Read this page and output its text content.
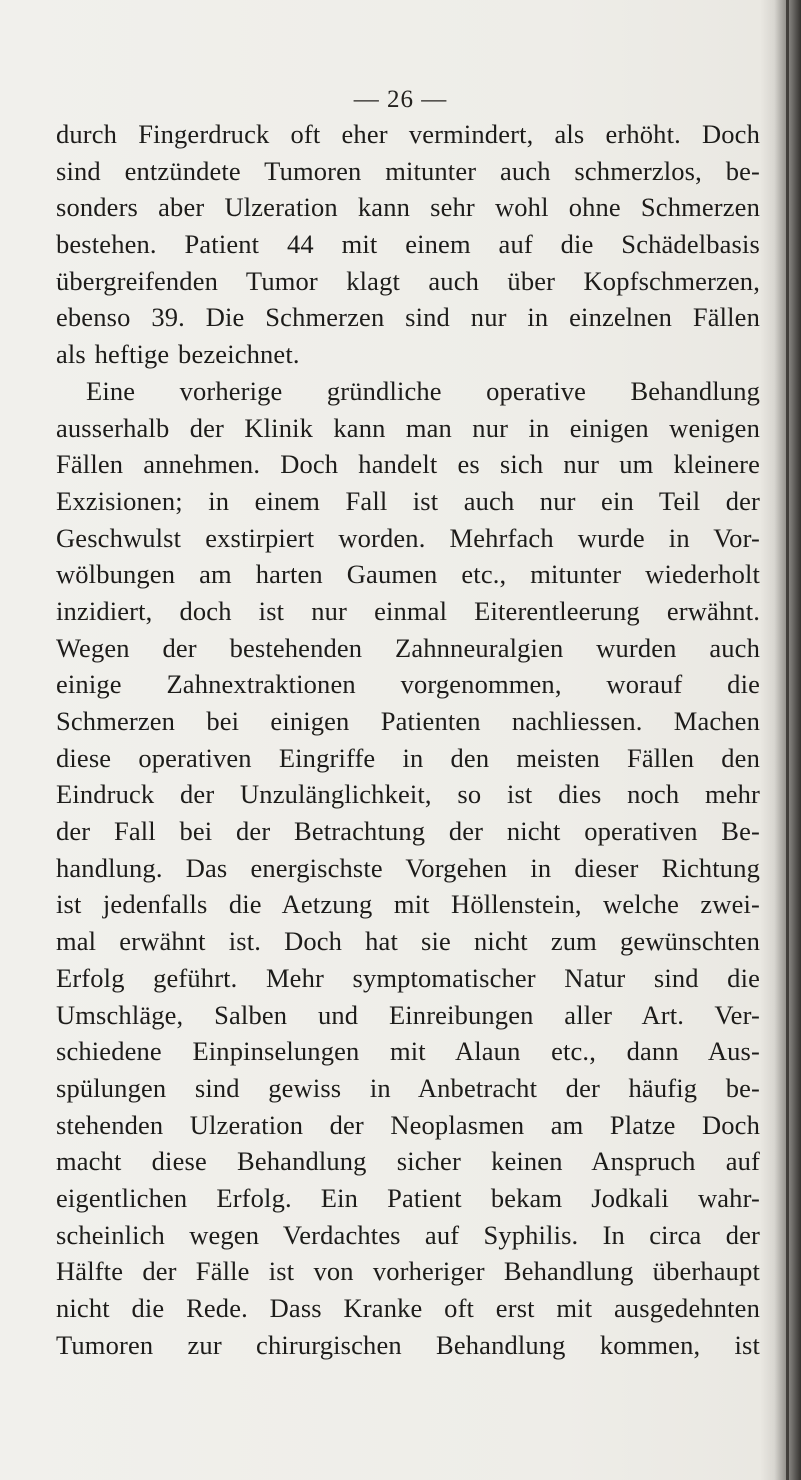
— 26 —
durch Fingerdruck oft eher vermindert, als erhöht. Doch
sind entzündete Tumoren mitunter auch schmerzlos, be-
sonders aber Ulzeration kann sehr wohl ohne Schmerzen
bestehen. Patient 44 mit einem auf die Schädelbasis
übergreifenden Tumor klagt auch über Kopfschmerzen,
ebenso 39. Die Schmerzen sind nur in einzelnen Fällen
als heftige bezeichnet.
Eine vorherige gründliche operative Behandlung
ausserhalb der Klinik kann man nur in einigen wenigen
Fällen annehmen. Doch handelt es sich nur um kleinere
Exzisionen; in einem Fall ist auch nur ein Teil der
Geschwulst exstirpiert worden. Mehrfach wurde in Vor-
wölbungen am harten Gaumen etc., mitunter wiederholt
inzidiert, doch ist nur einmal Eiterentleerung erwähnt.
Wegen der bestehenden Zahnneuralgien wurden auch
einige Zahnextraktionen vorgenommen, worauf die
Schmerzen bei einigen Patienten nachliessen. Machen
diese operativen Eingriffe in den meisten Fällen den
Eindruck der Unzulänglichkeit, so ist dies noch mehr
der Fall bei der Betrachtung der nicht operativen Be-
handlung. Das energischste Vorgehen in dieser Richtung
ist jedenfalls die Aetzung mit Höllenstein, welche zwei-
mal erwähnt ist. Doch hat sie nicht zum gewünschten
Erfolg geführt. Mehr symptomatischer Natur sind die
Umschläge, Salben und Einreibungen aller Art. Ver-
schiedene Einpinselungen mit Alaun etc., dann Aus-
spülungen sind gewiss in Anbetracht der häufig be-
stehenden Ulzeration der Neoplasmen am Platze Doch
macht diese Behandlung sicher keinen Anspruch auf
eigentlichen Erfolg. Ein Patient bekam Jodkali wahr-
scheinlich wegen Verdachtes auf Syphilis. In circa der
Hälfte der Fälle ist von vorheriger Behandlung überhaupt
nicht die Rede. Dass Kranke oft erst mit ausgedehnten
Tumoren zur chirurgischen Behandlung kommen, ist
